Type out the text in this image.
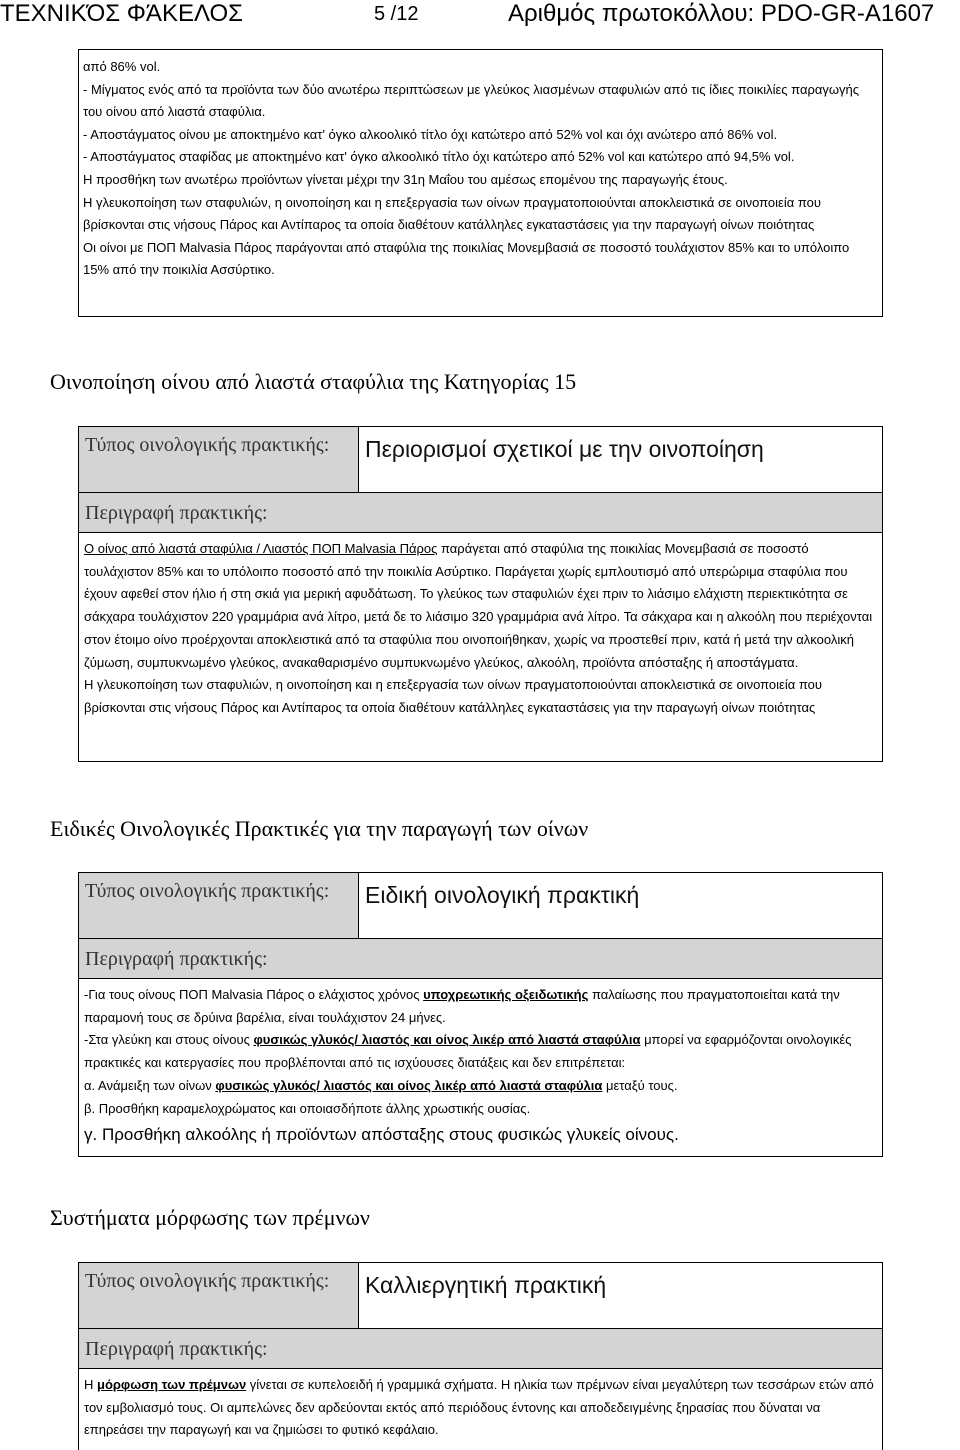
ΤΕΧΝΙΚΌΣ ΦΆΚΕΛΟΣ	5 /12	Αριθμός πρωτοκόλλου: PDO-GR-A1607

από 86% vol.

- Μίγματος ενός από τα προϊόντα των δύο ανωτέρω περιπτώσεων με γλεύκος λιασμένων σταφυλιών από τις ίδιες ποικιλίες παραγωγής του οίνου από λιαστά σταφύλια.

- Αποστάγματος οίνου με αποκτημένο κατ' όγκο αλκοολικό τίτλο όχι κατώτερο από 52% vol και όχι ανώτερο από 86% vol.

- Αποστάγματος σταφίδας με αποκτημένο κατ' όγκο αλκοολικό τίτλο όχι κατώτερο από 52% vol και κατώτερο από 94,5% vol.

Η προσθήκη των ανωτέρω προϊόντων γίνεται μέχρι την 31η Μαΐου του αμέσως επομένου της παραγωγής έτους.

Η γλευκοποίηση των σταφυλιών, η οινοποίηση και η επεξεργασία των οίνων πραγματοποιούνται αποκλειστικά σε οινοποιεία που βρίσκονται στις νήσους Πάρος και Αντίπαρος τα οποία διαθέτουν κατάλληλες εγκαταστάσεις για την παραγωγή οίνων ποιότητας

Οι οίνοι με ΠΟΠ Malvasia Πάρος παράγονται από σταφύλια της ποικιλίας Μονεμβασιά σε ποσοστό τουλάχιστον 85% και το υπόλοιπο 15% από την ποικιλία Ασσύρτικο.

Οινοποίηση οίνου από λιαστά σταφύλια της Κατηγορίας 15
Τύπος οινολογικής πρακτικής:	Περιορισμοί σχετικοί με την οινοποίηση
Περιγραφή πρακτικής:

Ο οίνος από λιαστά σταφύλια / Λιαστός ΠΟΠ Malvasia Πάρος παράγεται από σταφύλια της ποικιλίας Μονεμβασιά σε ποσοστό τουλάχιστον 85% και το υπόλοιπο ποσοστό από την ποικιλία Ασύρτικο. Παράγεται χωρίς εμπλουτισμό από υπερώριμα σταφύλια που έχουν αφεθεί στον ήλιο ή στη σκιά για μερική αφυδάτωση. Το γλεύκος των σταφυλιών έχει πριν το λιάσιμο ελάχιστη περιεκτικότητα σε σάκχαρα τουλάχιστον 220 γραμμάρια ανά λίτρο, μετά δε το λιάσιμο 320 γραμμάρια ανά λίτρο. Τα σάκχαρα και η αλκοόλη που περιέχονται στον έτοιμο οίνο προέρχονται αποκλειστικά από τα σταφύλια που οινοποιήθηκαν, χωρίς να προστεθεί πριν, κατά ή μετά την αλκοολική ζύμωση, συμπυκνωμένο γλεύκος, ανακαθαρισμένο συμπυκνωμένο γλεύκος, αλκοόλη, προϊόντα απόσταξης ή αποστάγματα.

Η γλευκοποίηση των σταφυλιών, η οινοποίηση και η επεξεργασία των οίνων πραγματοποιούνται αποκλειστικά σε οινοποιεία που βρίσκονται στις νήσους Πάρος και Αντίπαρος τα οποία διαθέτουν κατάλληλες εγκαταστάσεις για την παραγωγή οίνων ποιότητας

Ειδικές Οινολογικές Πρακτικές για την παραγωγή των οίνων
Τύπος οινολογικής πρακτικής:	Ειδική οινολογική πρακτική
Περιγραφή πρακτικής:

-Για τους οίνους ΠΟΠ Malvasia Πάρος ο ελάχιστος χρόνος υποχρεωτικής οξειδωτικής παλαίωσης που πραγματοποιείται κατά την παραμονή τους σε δρύινα βαρέλια, είναι τουλάχιστον 24 μήνες.

-Στα γλεύκη και στους οίνους φυσικώς γλυκός/ λιαστός και οίνος λικέρ από λιαστά σταφύλια μπορεί να εφαρμόζονται οινολογικές πρακτικές και κατεργασίες που προβλέπονται από τις ισχύουσες διατάξεις και δεν επιτρέπεται:

α. Ανάμειξη των οίνων φυσικώς γλυκός/ λιαστός και οίνος λικέρ από λιαστά σταφύλια μεταξύ τους.

β. Προσθήκη καραμελοχρώματος και οποιασδήποτε άλλης χρωστικής ουσίας.

γ. Προσθήκη αλκοόλης ή προϊόντων απόσταξης στους φυσικώς γλυκείς οίνους.

Συστήματα μόρφωσης των πρέμνων
Τύπος οινολογικής πρακτικής:	Καλλιεργητική πρακτική
Περιγραφή πρακτικής:

Η μόρφωση των πρέμνων γίνεται σε κυπελοειδή ή γραμμικά σχήματα. Η ηλικία των πρέμνων είναι μεγαλύτερη των τεσσάρων ετών από τον εμβολιασμό τους. Οι αμπελώνες δεν αρδεύονται εκτός από περιόδους έντονης και αποδεδειγμένης ξηρασίας που δύναται να επηρεάσει την παραγωγή και να ζημιώσει το φυτικό κεφάλαιο.
